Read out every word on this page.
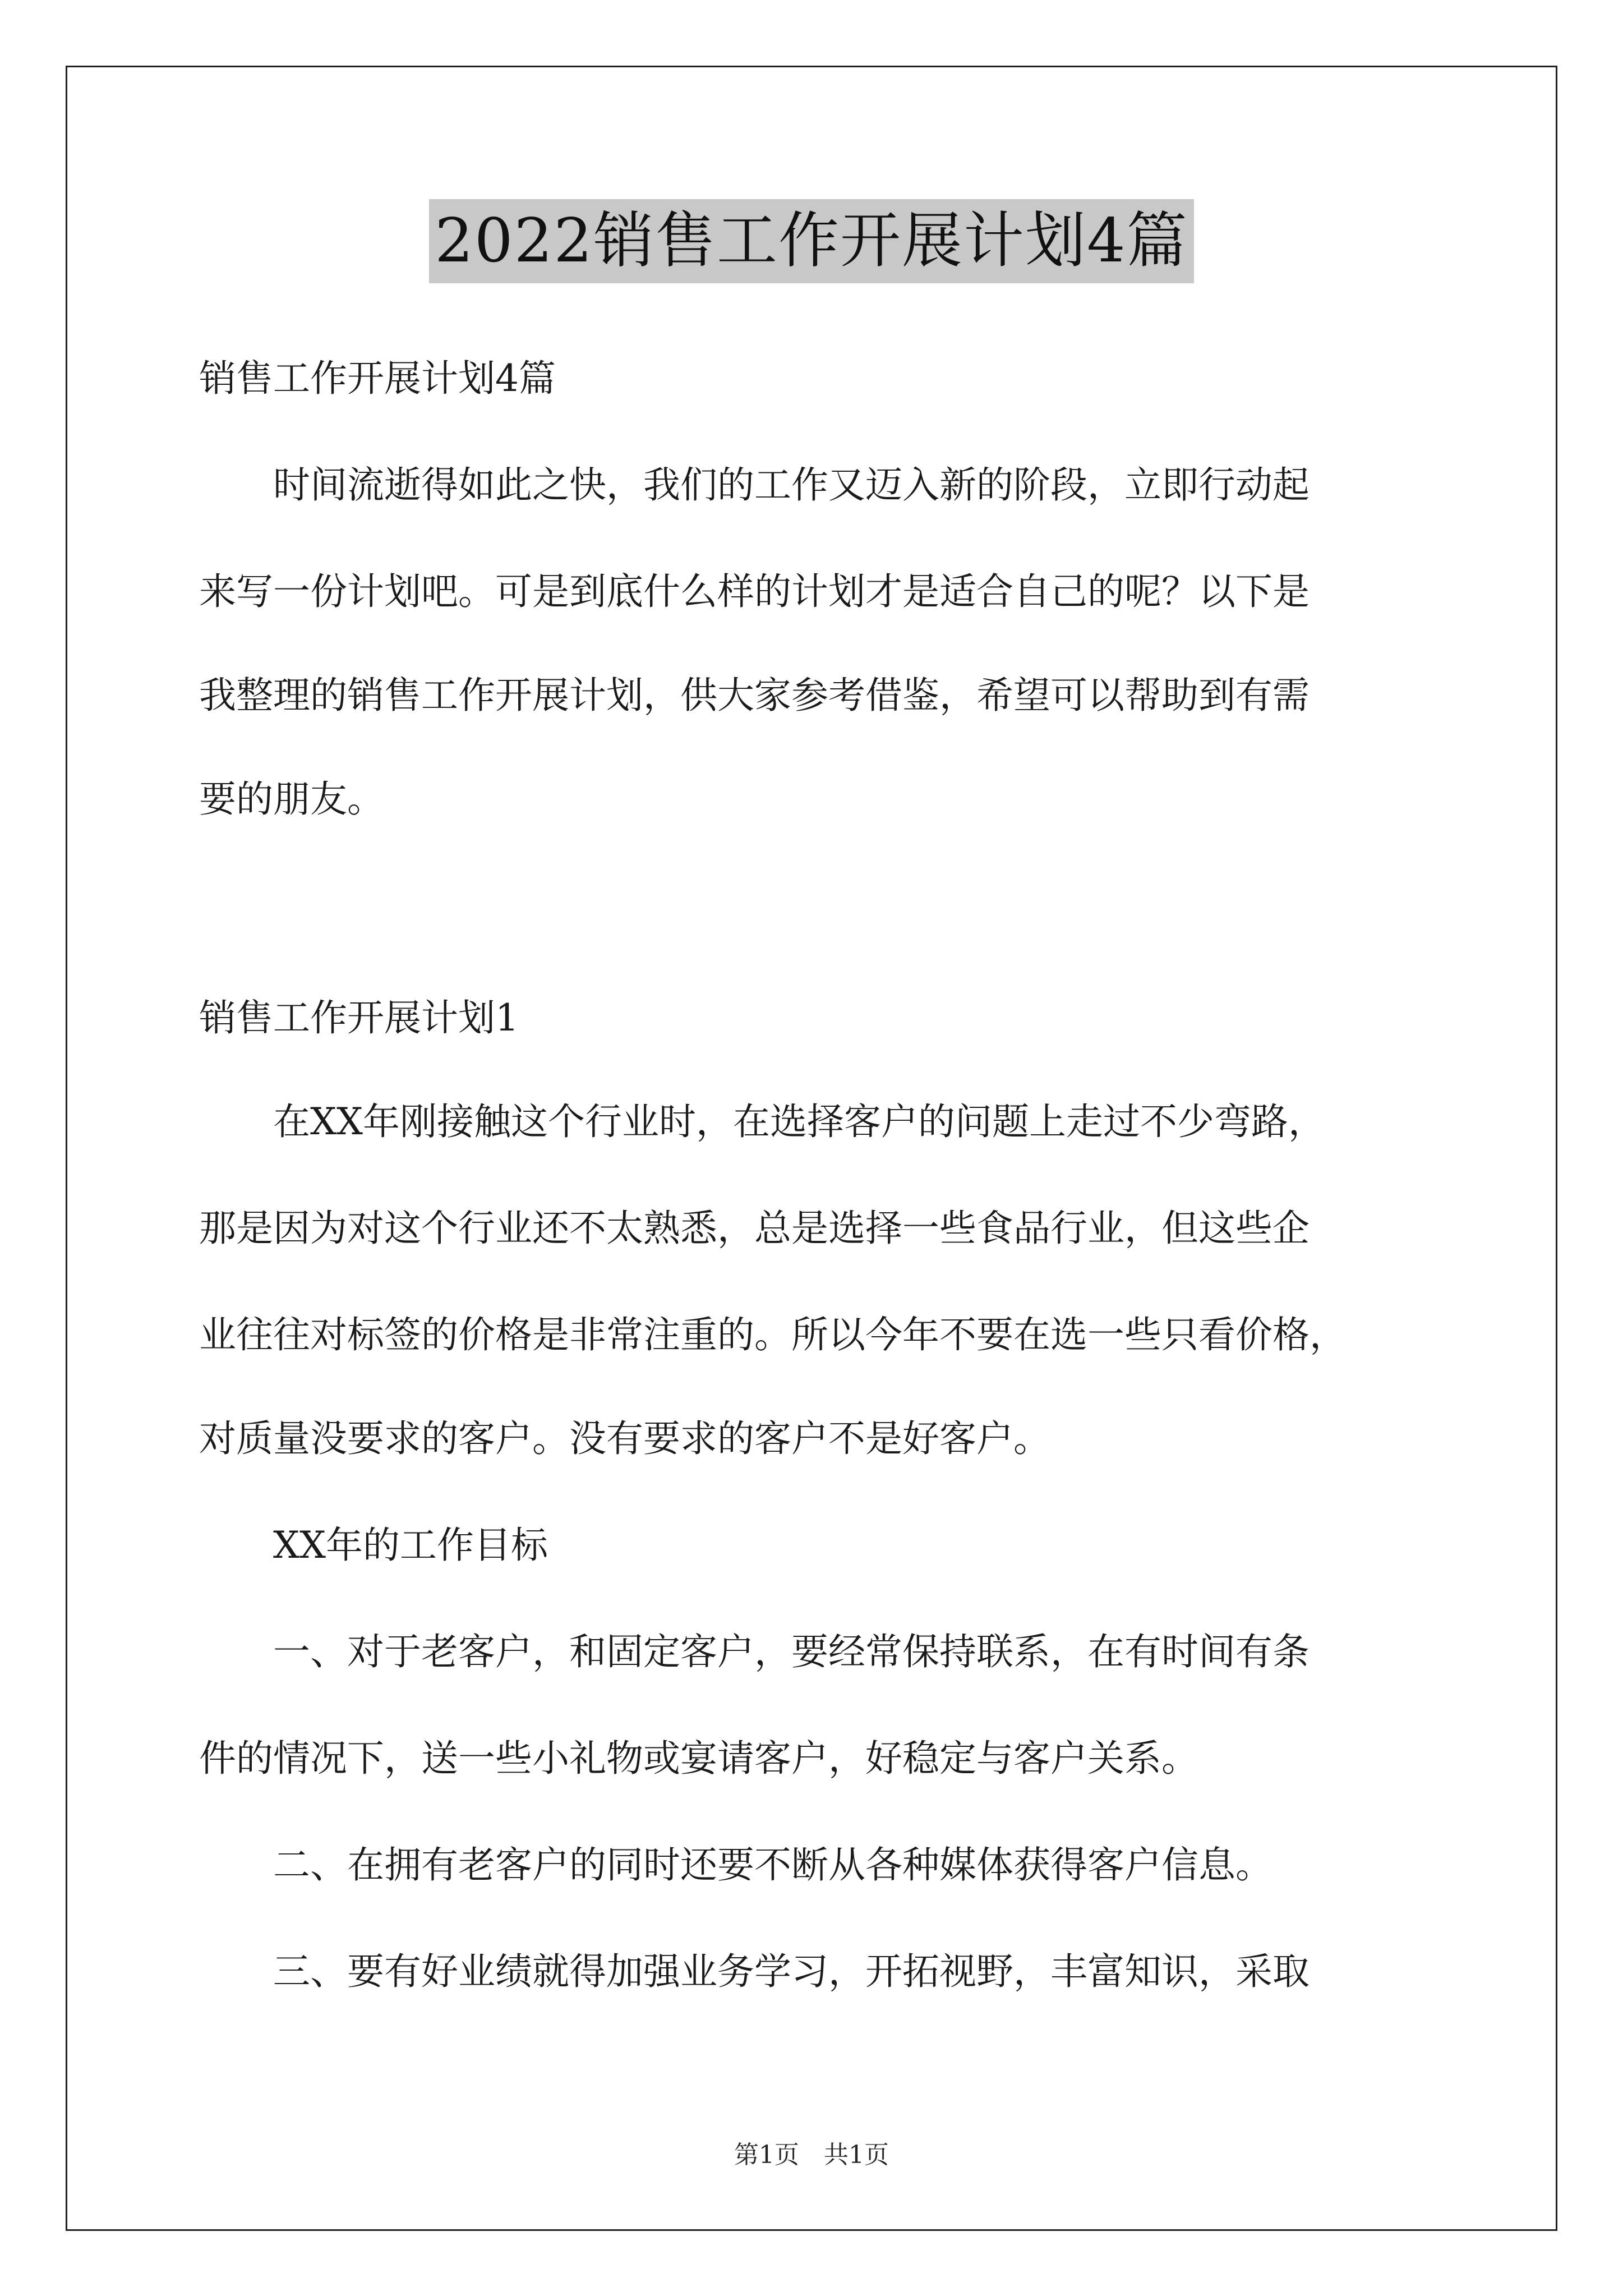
2022销售工作开展计划4篇
销售工作开展计划4篇
　　时间流逝得如此之快，我们的工作又迈入新的阶段，立即行动起
来写一份计划吧。可是到底什么样的计划才是适合自己的呢？以下是
我整理的销售工作开展计划，供大家参考借鉴，希望可以帮助到有需
要的朋友。
销售工作开展计划1
　　在XX年刚接触这个行业时，在选择客户的问题上走过不少弯路，
那是因为对这个行业还不太熟悉，总是选择一些食品行业，但这些企
业往往对标签的价格是非常注重的。所以今年不要在选一些只看价格，
对质量没要求的客户。没有要求的客户不是好客户。
　　XX年的工作目标
　　一、对于老客户，和固定客户，要经常保持联系，在有时间有条
件的情况下，送一些小礼物或宴请客户，好稳定与客户关系。
　　二、在拥有老客户的同时还要不断从各种媒体获得客户信息。
　　三、要有好业绩就得加强业务学习，开拓视野，丰富知识，采取
第1页　共1页
